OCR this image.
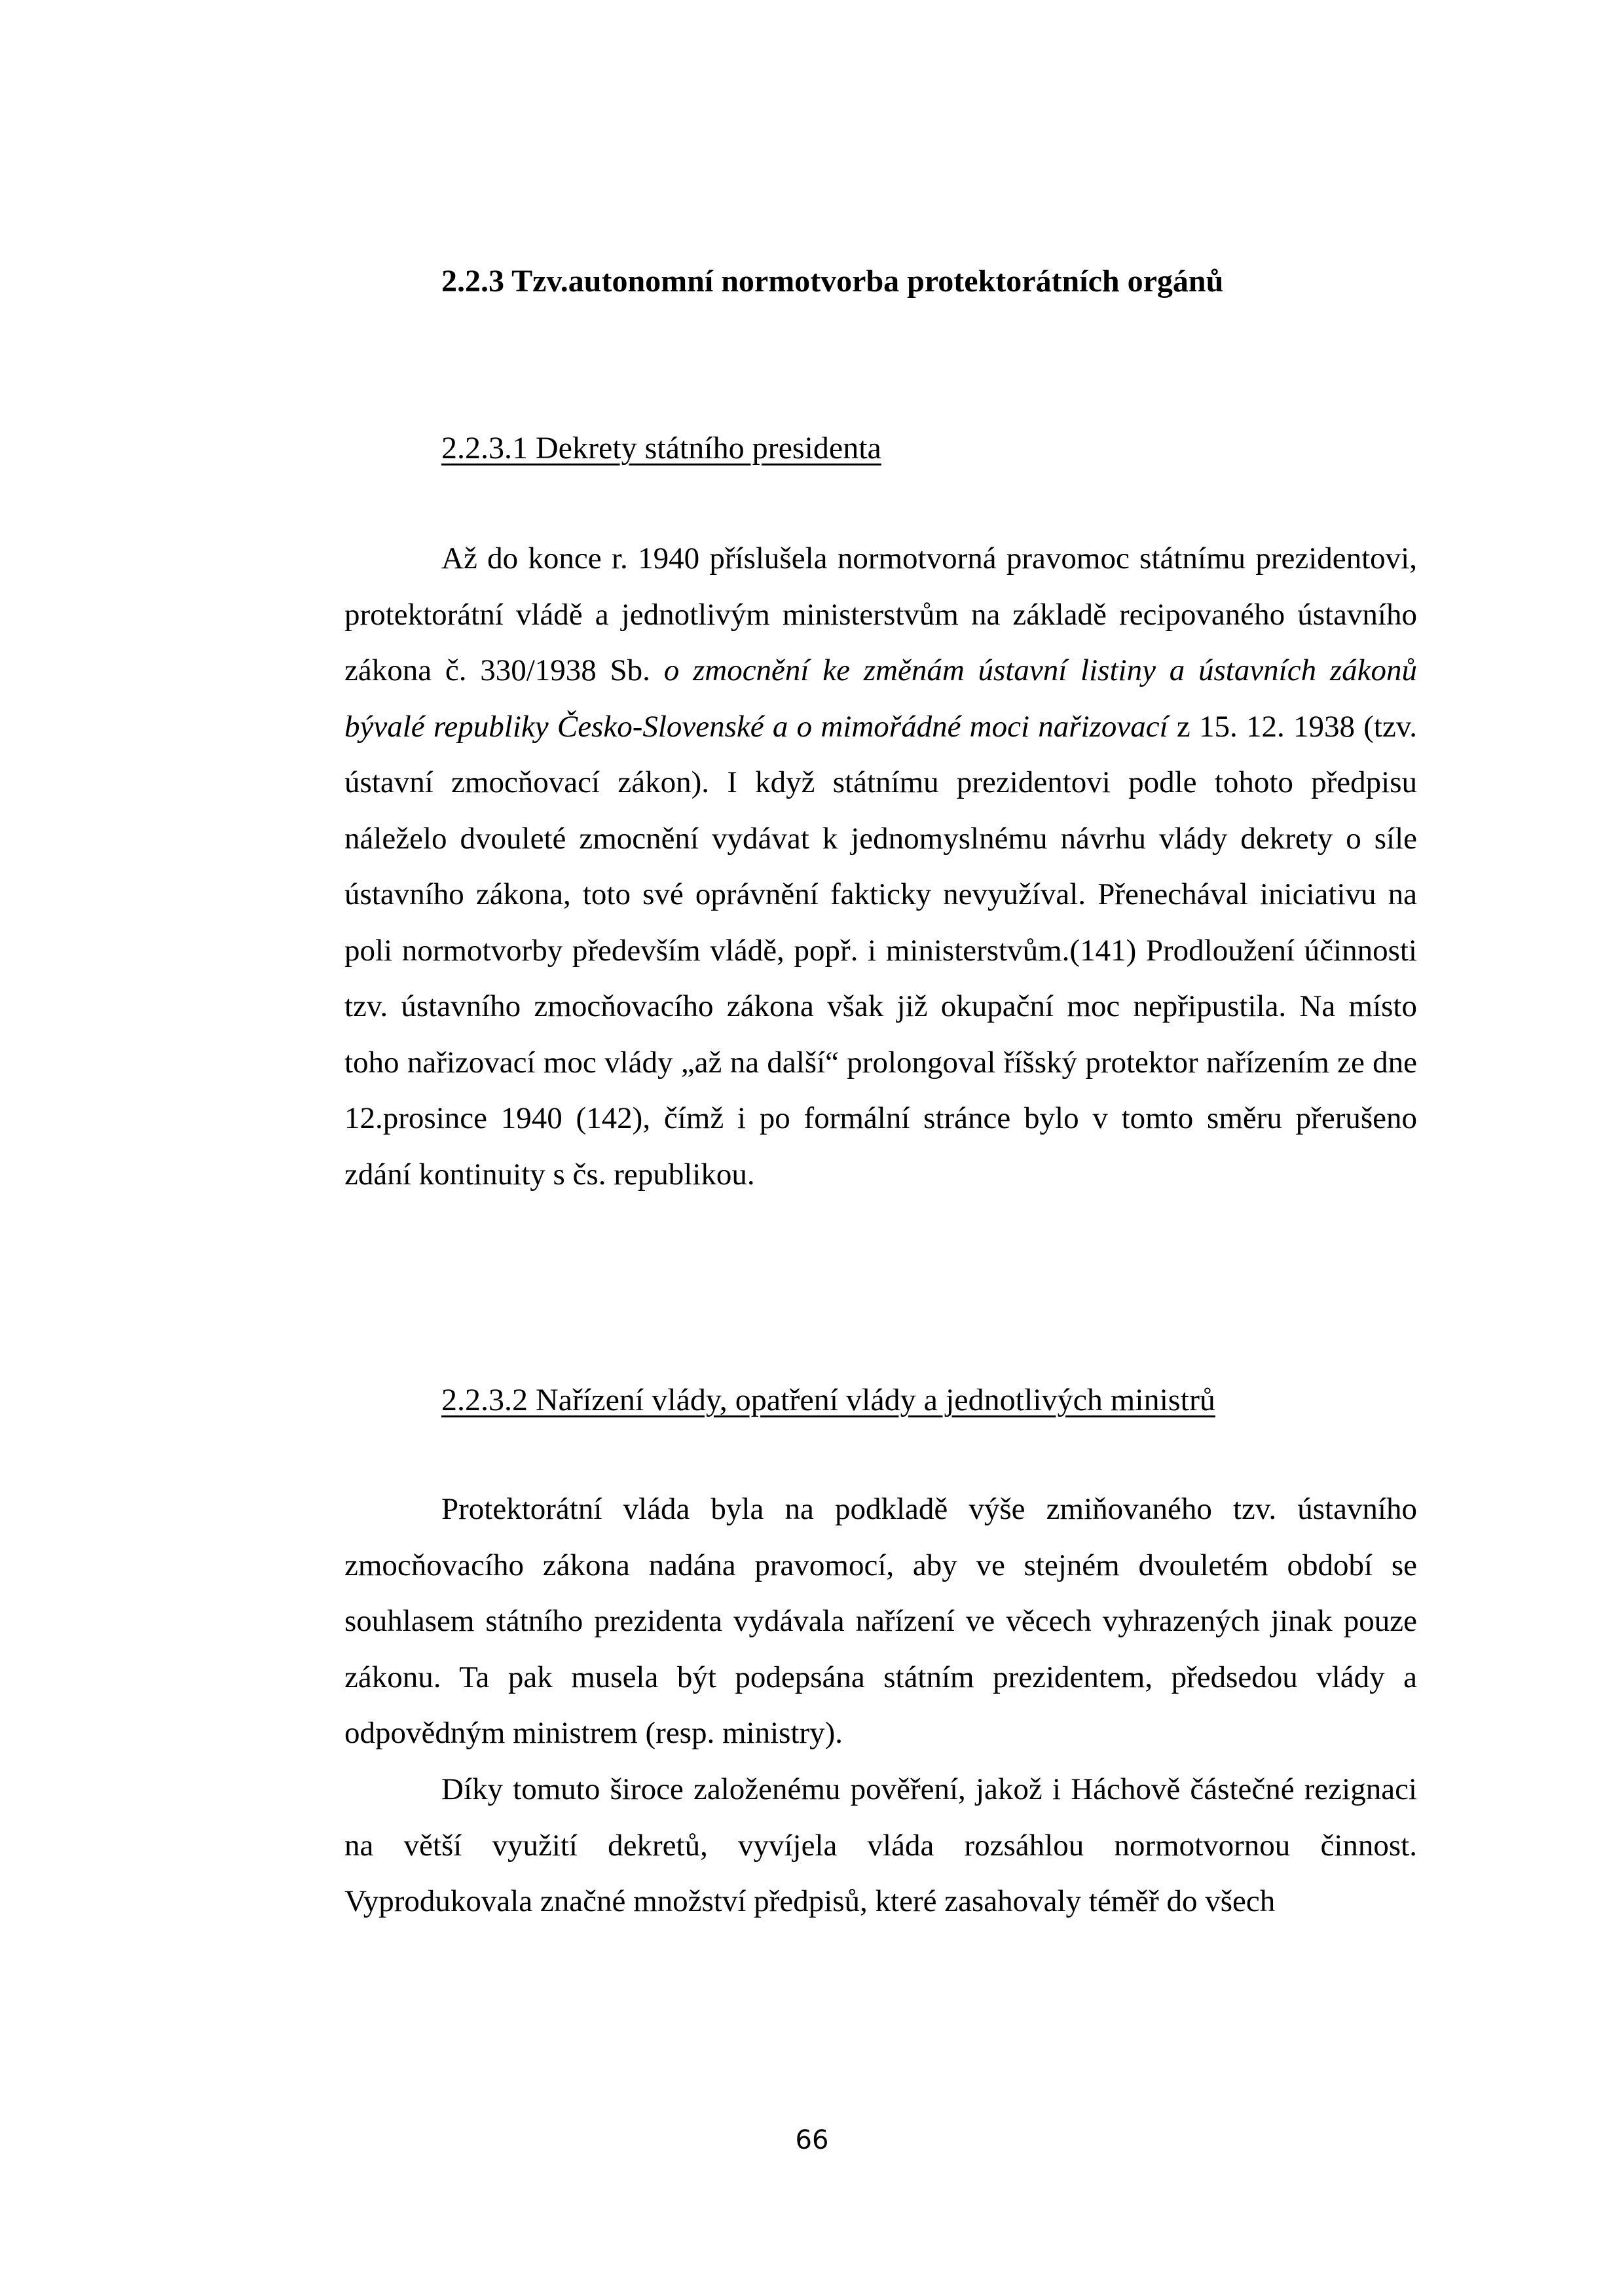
2.2.3 Tzv.autonomní normotvorba protektorátních orgánů
2.2.3.1 Dekrety státního presidenta

Až do konce r. 1940 příslušela normotvorná pravomoc státnímu prezidentovi, protektorátní vládě a jednotlivým ministerstvům na základě recipovaného ústavního zákona č. 330/1938 Sb. o zmocnění ke změnám ústavní listiny a ústavních zákonů bývalé republiky Česko-Slovenské a o mimořádné moci nařizovací z 15. 12. 1938 (tzv. ústavní zmocňovací zákon). I když státnímu prezidentovi podle tohoto předpisu náleželo dvouleté zmocnění vydávat k jednomyslnému návrhu vlády dekrety o síle ústavního zákona, toto své oprávnění fakticky nevyužíval. Přenechával iniciativu na poli normotvorby především vládě, popř. i ministerstvům.(141) Prodloužení účinnosti tzv. ústavního zmocňovacího zákona však již okupační moc nepřipustila. Na místo toho nařizovací moc vlády „až na další“ prolongoval říšský protektor nařízením ze dne 12.prosince 1940 (142), čímž i po formální stránce bylo v tomto směru přerušeno zdání kontinuity s čs. republikou.

2.2.3.2 Nařízení vlády, opatření vlády a jednotlivých ministrů

Protektorátní vláda byla na podkladě výše zmiňovaného tzv. ústavního zmocňovacího zákona nadána pravomocí, aby ve stejném dvouletém období se souhlasem státního prezidenta vydávala nařízení ve věcech vyhrazených jinak pouze zákonu. Ta pak musela být podepsána státním prezidentem, předsedou vlády a odpovědným ministrem (resp. ministry).

Díky tomuto široce založenému pověření, jakož i Háchově částečné rezignaci na větší využití dekretů, vyvíjela vláda rozsáhlou normotvornou činnost. Vyprodukovala značné množství předpisů, které zasahovaly téměř do všech

66
